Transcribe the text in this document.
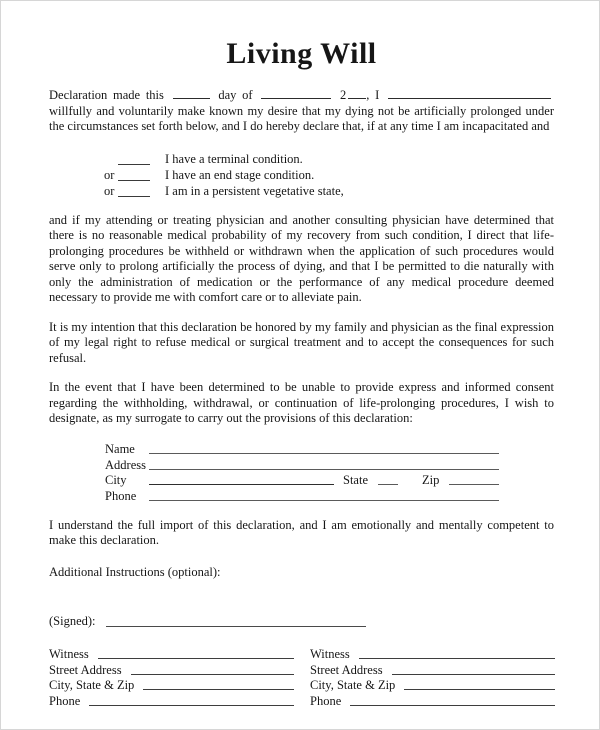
Living Will

Declaration made this	day of	2 , I  willfully and voluntarily make known my desire that my dying not be artificially prolonged under the circumstances set forth below, and I do hereby declare that, if at any time I am incapacitated and

I have a terminal condition.
or	I have an end stage condition.
or	I am in a persistent vegetative state,

and if my attending or treating physician and another consulting physician have determined that there is no reasonable medical probability of my recovery from such condition, I direct that life-prolonging procedures be withheld or withdrawn when the application of such procedures would serve only to prolong artificially the process of dying, and that I be permitted to die naturally with only the administration of medication or the performance of any medical procedure deemed necessary to provide me with comfort care or to alleviate pain.

It is my intention that this declaration be honored by my family and physician as the final expression of my legal right to refuse medical or surgical treatment and to accept the consequences for such refusal.

In the event that I have been determined to be unable to provide express and informed consent regarding the withholding, withdrawal, or continuation of life-prolonging procedures, I wish to designate, as my surrogate to carry out the provisions of this declaration:

Name
Address
City	State	Zip
Phone

I understand the full import of this declaration, and I am emotionally and mentally competent to make this declaration.

Additional Instructions (optional):

(Signed):
Witness
Street Address
City, State & Zip
Phone
Witness
Street Address
City, State & Zip
Phone
